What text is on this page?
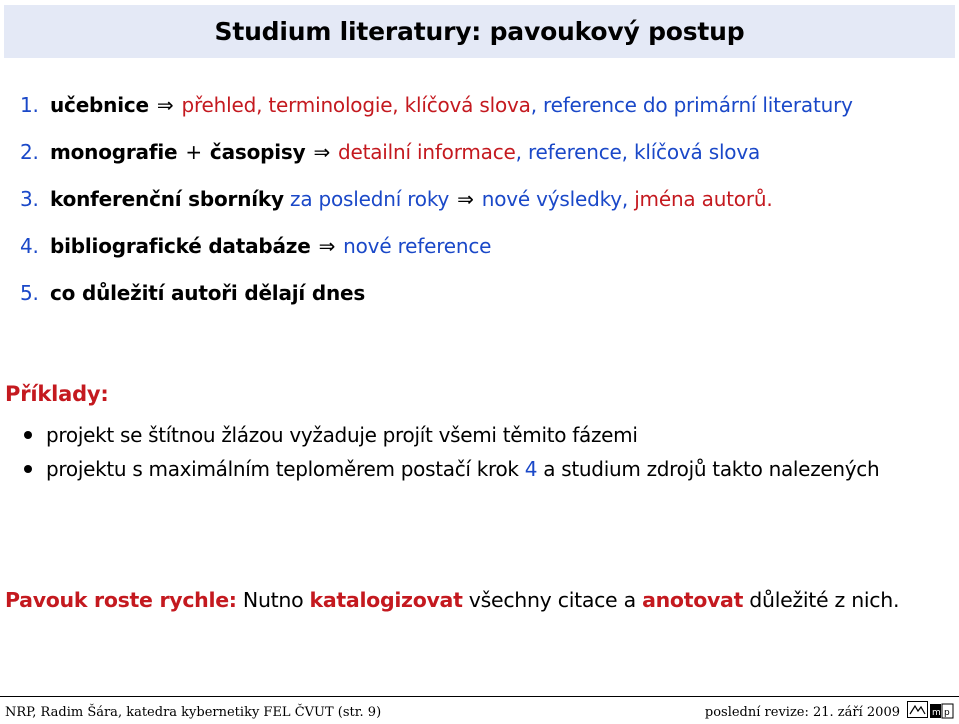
Studium literatury: pavoukový postup
1. učebnice ⇒ přehled, terminologie, klíčová slova, reference do primární literatury
2. monografie + časopisy ⇒ detailní informace, reference, klíčová slova
3. konferenční sborníky za poslední roky ⇒ nové výsledky, jména autorů.
4. bibliografické databáze ⇒ nové reference
5. co důležití autoři dělají dnes
Příklady:
projekt se štítnou žlázou vyžaduje projít všemi těmito fázemi
projektu s maximálním teploměrem postačí krok 4 a studium zdrojů takto nalezených
Pavouk roste rychle: Nutno katalogizovat všechny citace a anotovat důležité z nich.
NRP, Radim Šára, katedra kybernetiky FEL ČVUT (str. 9)	poslední revize: 21. září 2009	m p
